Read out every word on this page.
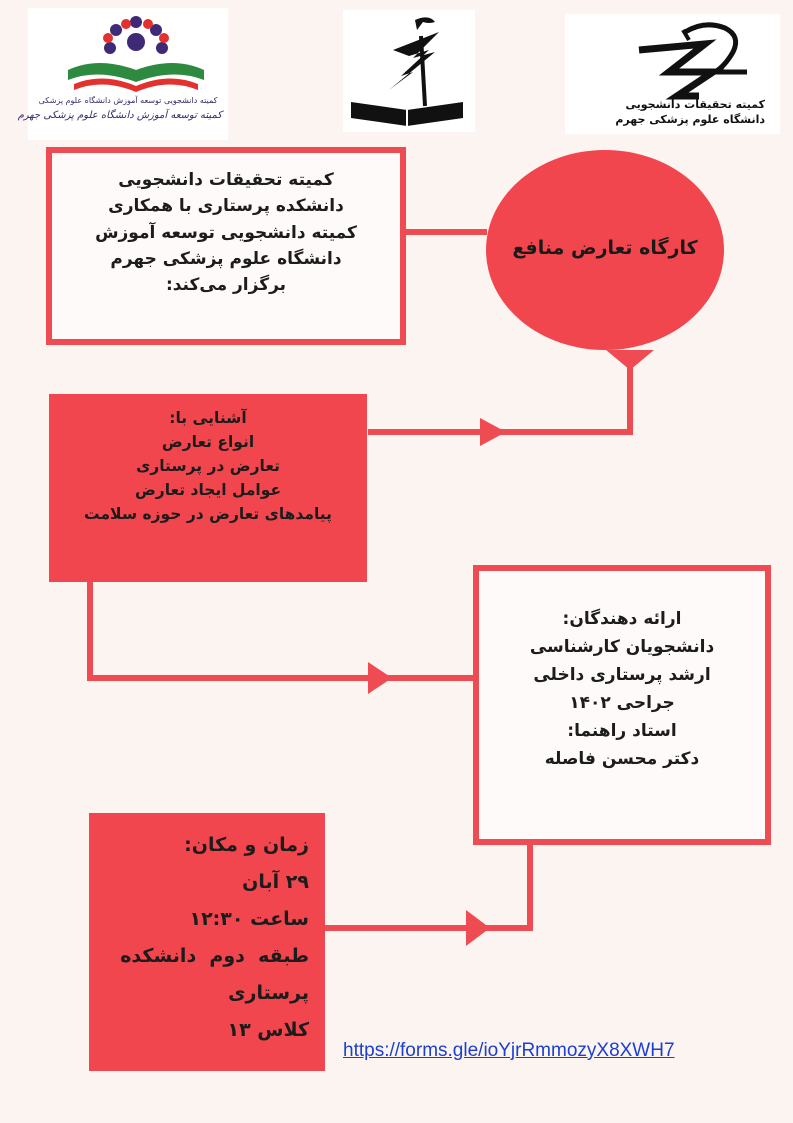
کمیته دانشجویی توسعه آموزش دانشگاه علوم پزشکی
کمیته توسعه آموزش دانشگاه علوم پزشکی جهرم
کمیته تحقیقات دانشجویی
دانشگاه علوم پزشکی جهرم
کمیته تحقیقات دانشجویی
دانشکده پرستاری با همکاری
کمیته دانشجویی توسعه آموزش
دانشگاه علوم پزشکی جهرم
برگزار می‌کند:
کارگاه تعارض منافع
آشنایی با:
انواع تعارض
تعارض در پرستاری
عوامل ایجاد تعارض
پیامدهای تعارض در حوزه سلامت
ارائه دهندگان:
دانشجویان کارشناسی
ارشد پرستاری داخلی
جراحی ۱۴۰۲
استاد راهنما:
دکتر محسن فاصله
زمان و مکان:
۲۹ آبان
ساعت ۱۲:۳۰
طبقه  دوم  دانشکده
پرستاری
کلاس ۱۳
https://forms.gle/ioYjrRmmozyX8XWH7
